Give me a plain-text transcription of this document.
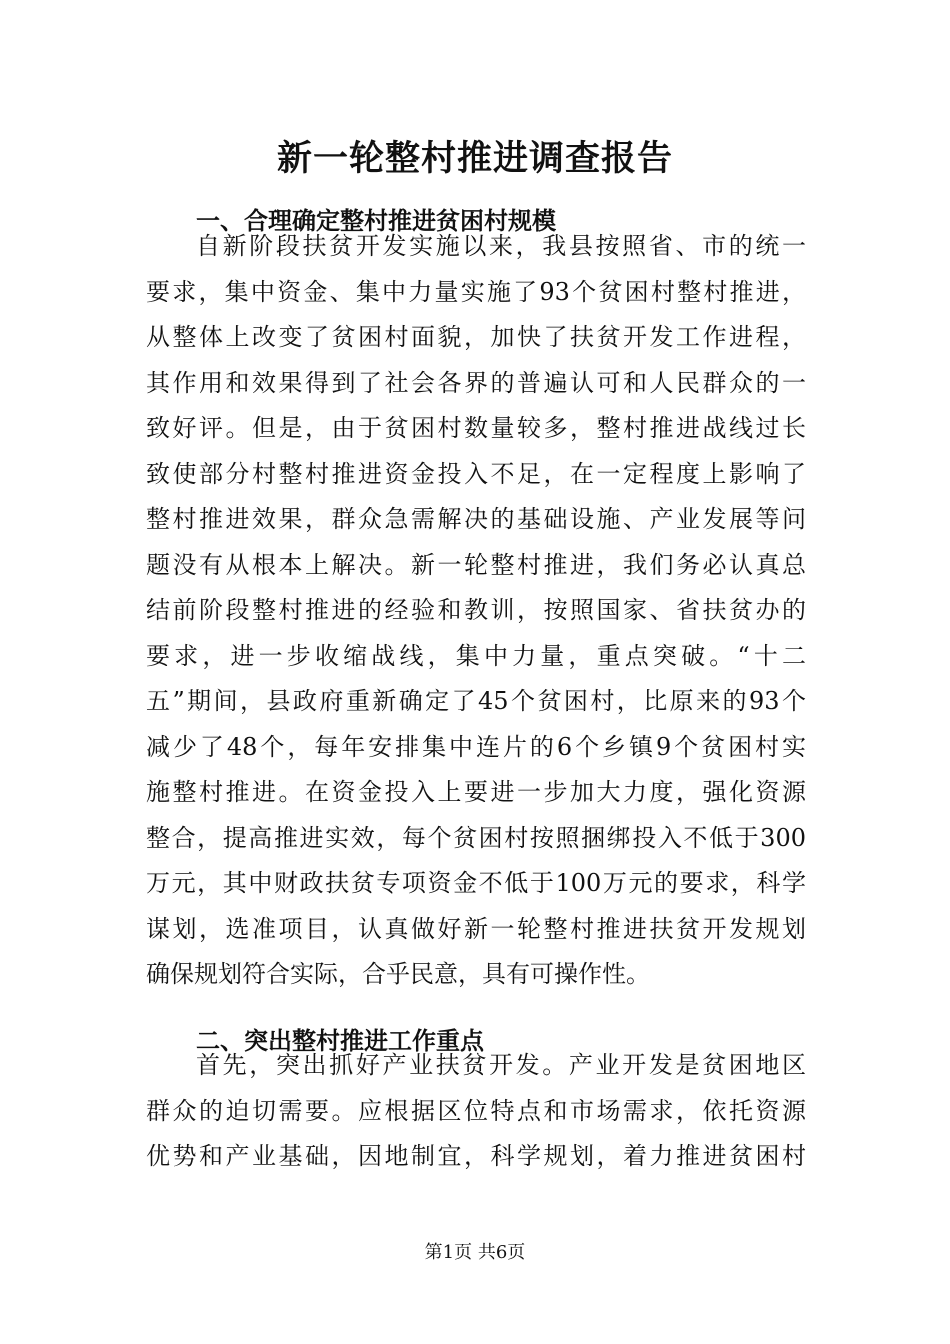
新一轮整村推进调查报告
一、合理确定整村推进贫困村规模
自新阶段扶贫开发实施以来，我县按照省、市的统一
要求，集中资金、集中力量实施了93个贫困村整村推进，
从整体上改变了贫困村面貌，加快了扶贫开发工作进程，
其作用和效果得到了社会各界的普遍认可和人民群众的一
致好评。但是，由于贫困村数量较多，整村推进战线过长
致使部分村整村推进资金投入不足，在一定程度上影响了
整村推进效果，群众急需解决的基础设施、产业发展等问
题没有从根本上解决。新一轮整村推进，我们务必认真总
结前阶段整村推进的经验和教训，按照国家、省扶贫办的
要求，进一步收缩战线，集中力量，重点突破。“十二
五”期间，县政府重新确定了45个贫困村，比原来的93个
减少了48个，每年安排集中连片的6个乡镇9个贫困村实
施整村推进。在资金投入上要进一步加大力度，强化资源
整合，提高推进实效，每个贫困村按照捆绑投入不低于300
万元，其中财政扶贫专项资金不低于100万元的要求，科学
谋划，选准项目，认真做好新一轮整村推进扶贫开发规划
确保规划符合实际，合乎民意，具有可操作性。
二、突出整村推进工作重点
首先，突出抓好产业扶贫开发。产业开发是贫困地区
群众的迫切需要。应根据区位特点和市场需求，依托资源
优势和产业基础，因地制宜，科学规划，着力推进贫困村
第1页 共6页
